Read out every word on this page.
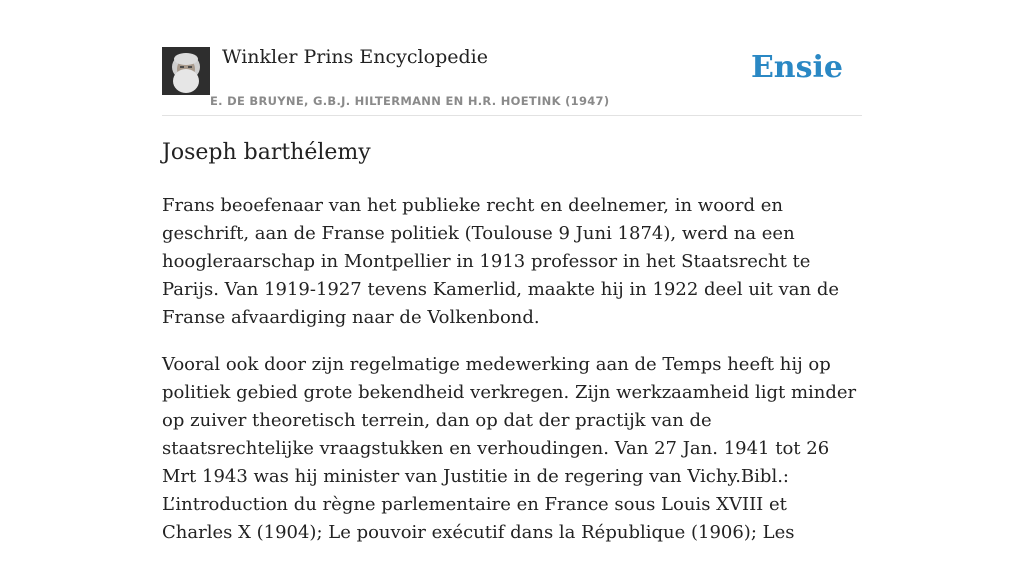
Winkler Prins Encyclopedie
E. DE BRUYNE, G.B.J. HILTERMANN EN H.R. HOETINK (1947)
Ensie
Joseph barthélemy

Frans beoefenaar van het publieke recht en deelnemer, in woord en geschrift, aan de Franse politiek (Toulouse 9 Juni 1874), werd na een hoogleraarschap in Montpellier in 1913 professor in het Staatsrecht te Parijs. Van 1919-1927 tevens Kamerlid, maakte hij in 1922 deel uit van de Franse afvaardiging naar de Volkenbond.

Vooral ook door zijn regelmatige medewerking aan de Temps heeft hij op politiek gebied grote bekendheid verkregen. Zijn werkzaamheid ligt minder op zuiver theoretisch terrein, dan op dat der practijk van de staatsrechtelijke vraagstukken en verhoudingen. Van 27 Jan. 1941 tot 26 Mrt 1943 was hij minister van Justitie in de regering van Vichy.Bibl.: L’introduction du règne parlementaire en France sous Louis XVIII et Charles X (1904); Le pouvoir exécutif dans la République (1906); Les
